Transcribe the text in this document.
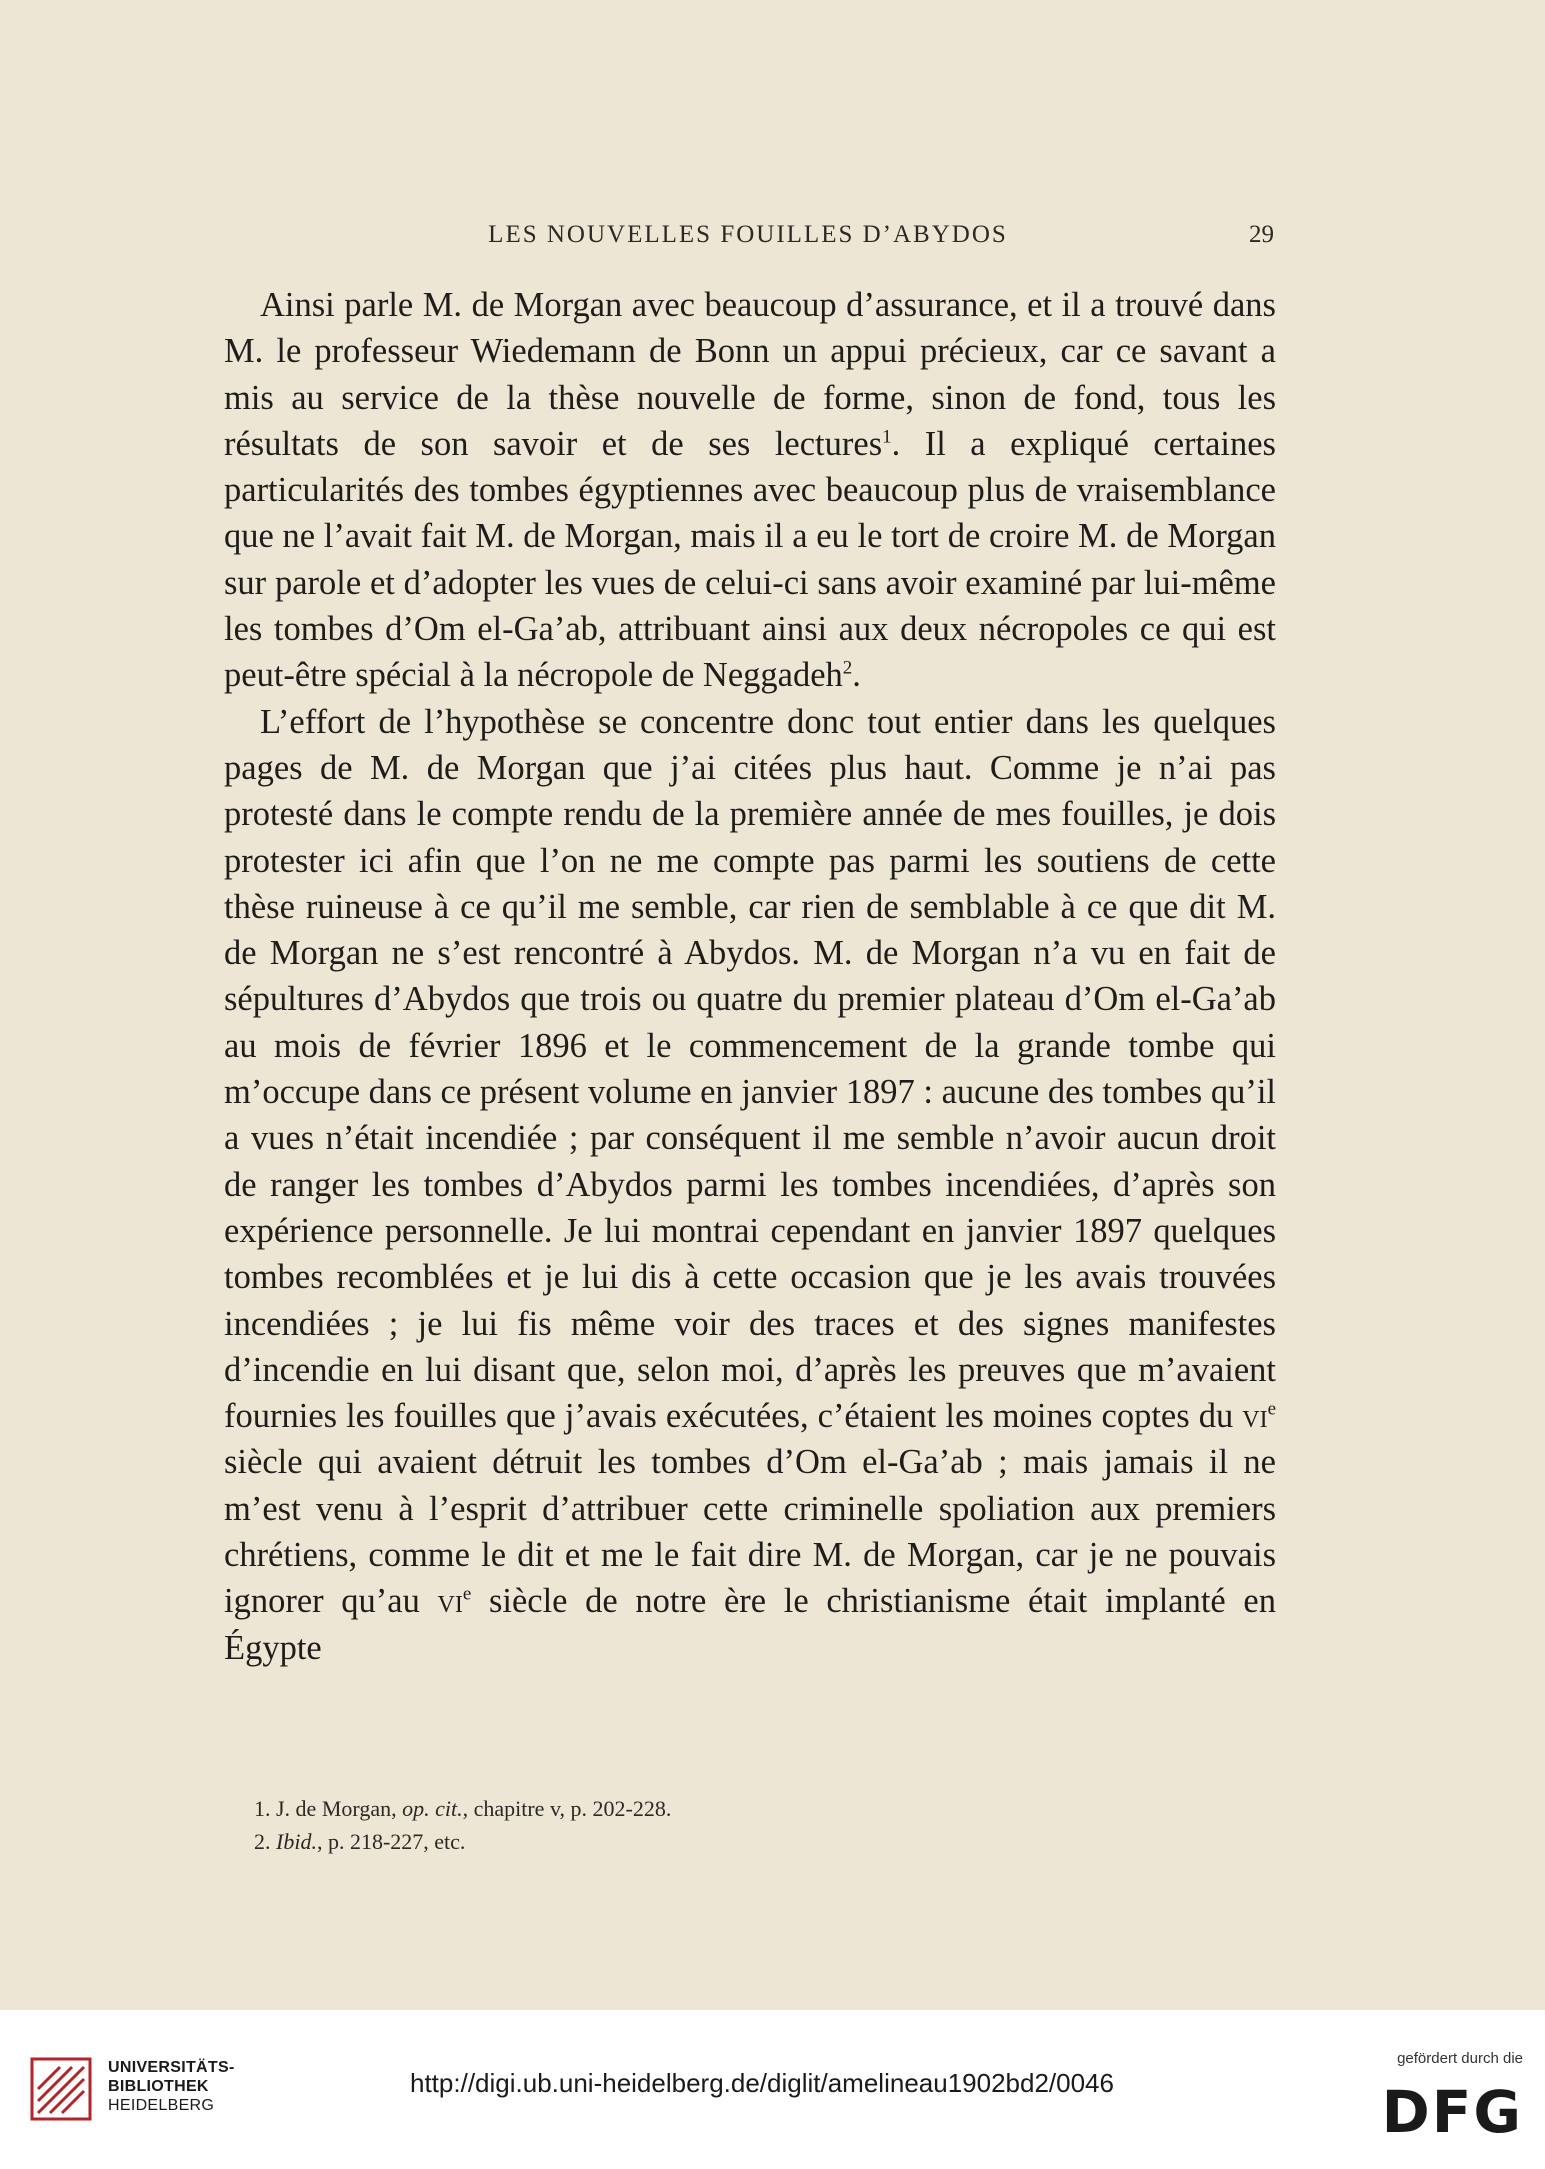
LES NOUVELLES FOUILLES D’ABYDOS	29

Ainsi parle M. de Morgan avec beaucoup d’assurance, et il a trouvé dans M. le professeur Wiedemann de Bonn un appui précieux, car ce savant a mis au service de la thèse nouvelle de forme, sinon de fond, tous les résultats de son savoir et de ses lectures$^1$. Il a expliqué certaines particularités des tombes égyptiennes avec beaucoup plus de vraisemblance que ne l’avait fait M. de Morgan, mais il a eu le tort de croire M. de Morgan sur parole et d’adopter les vues de celui-ci sans avoir examiné par lui-même les tombes d’Om el-Ga’ab, attribuant ainsi aux deux nécropoles ce qui est peut-être spécial à la nécropole de Neggadeh$^2$.

L’effort de l’hypothèse se concentre donc tout entier dans les quelques pages de M. de Morgan que j’ai citées plus haut. Comme je n’ai pas protesté dans le compte rendu de la première année de mes fouilles, je dois protester ici afin que l’on ne me compte pas parmi les soutiens de cette thèse ruineuse à ce qu’il me semble, car rien de semblable à ce que dit M. de Morgan ne s’est rencontré à Abydos. M. de Morgan n’a vu en fait de sépultures d’Abydos que trois ou quatre du premier plateau d’Om el-Ga’ab au mois de février 1896 et le commencement de la grande tombe qui m’occupe dans ce présent volume en janvier 1897 : aucune des tombes qu’il a vues n’était incendiée ; par conséquent il me semble n’avoir aucun droit de ranger les tombes d’Abydos parmi les tombes incendiées, d’après son expérience personnelle. Je lui montrai cependant en janvier 1897 quelques tombes recomblées et je lui dis à cette occasion que je les avais trouvées incendiées ; je lui fis même voir des traces et des signes manifestes d’incendie en lui disant que, selon moi, d’après les preuves que m’avaient fournies les fouilles que j’avais exécutées, c’étaient les moines coptes du $vi^e$ siècle qui avaient détruit les tombes d’Om el-Ga’ab ; mais jamais il ne m’est venu à l’esprit d’attribuer cette criminelle spoliation aux premiers chrétiens, comme le dit et me le fait dire M. de Morgan, car je ne pouvais ignorer qu’au $vi^e$ siècle de notre ère le christianisme était implanté en Égypte

1. J. de Morgan, op. cit., chapitre v, p. 202-228.

2. Ibid., p. 218-227, etc.

UNIVERSITÄTS-
BIBLIOTHEK
HEIDELBERG
http://digi.ub.uni-heidelberg.de/diglit/amelineau1902bd2/0046
gefördert durch die
DFG
